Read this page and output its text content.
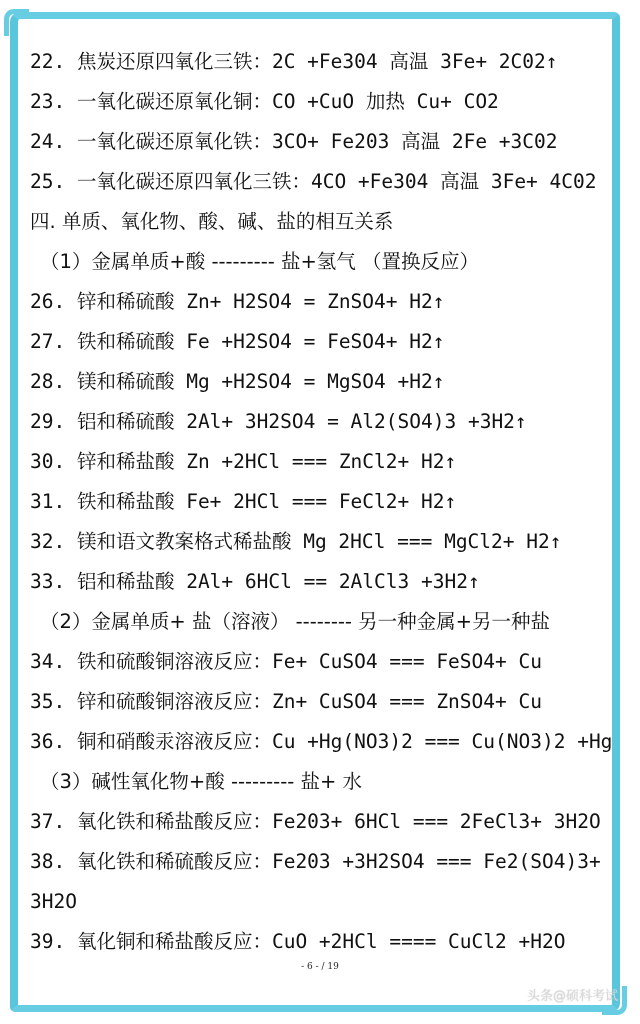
22. 焦炭还原四氧化三铁：2C +Fe304 高温 3Fe+ 2C02↑
23. 一氧化碳还原氧化铜：CO +CuO 加热 Cu+ CO2
24. 一氧化碳还原氧化铁：3CO+ Fe203 高温 2Fe +3C02
25. 一氧化碳还原四氧化三铁：4CO +Fe304 高温 3Fe+ 4C02
四. 单质、氧化物、酸、碱、盐的相互关系
（1）金属单质+酸 --------- 盐+氢气 （置换反应）
26. 锌和稀硫酸 Zn+ H2SO4 = ZnSO4+ H2↑
27. 铁和稀硫酸 Fe +H2SO4 = FeSO4+ H2↑
28. 镁和稀硫酸 Mg +H2SO4 = MgSO4 +H2↑
29. 铝和稀硫酸 2Al+ 3H2SO4 = Al2(SO4)3 +3H2↑
30. 锌和稀盐酸 Zn +2HCl === ZnCl2+ H2↑
31. 铁和稀盐酸 Fe+ 2HCl === FeCl2+ H2↑
32. 镁和语文教案格式稀盐酸 Mg 2HCl === MgCl2+ H2↑
33. 铝和稀盐酸 2Al+ 6HCl == 2AlCl3 +3H2↑
（2）金属单质+ 盐（溶液） -------- 另一种金属+另一种盐
34. 铁和硫酸铜溶液反应：Fe+ CuSO4 === FeSO4+ Cu
35. 锌和硫酸铜溶液反应：Zn+ CuSO4 === ZnSO4+ Cu
36. 铜和硝酸汞溶液反应：Cu +Hg(NO3)2 === Cu(NO3)2 +Hg
（3）碱性氧化物+酸 --------- 盐+ 水
37. 氧化铁和稀盐酸反应：Fe203+ 6HCl === 2FeCl3+ 3H2O
38. 氧化铁和稀硫酸反应：Fe203 +3H2SO4 === Fe2(SO4)3+
3H2O
39. 氧化铜和稀盐酸反应：CuO +2HCl ==== CuCl2 +H2O
- 6 - / 19
头条@硕科考试
